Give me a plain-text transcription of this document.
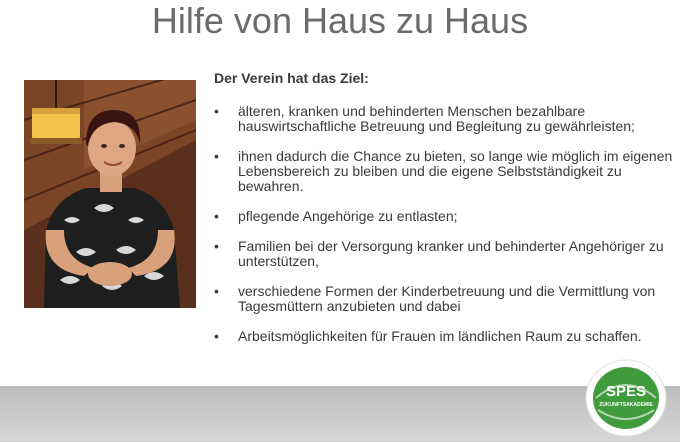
Hilfe von Haus zu Haus

Der Verein hat das Ziel:

• älteren, kranken und behinderten Menschen bezahlbare hauswirtschaftliche Betreuung und Begleitung zu gewährleisten;
• ihnen dadurch die Chance zu bieten, so lange wie möglich im eigenen Lebensbereich zu bleiben und die eigene Selbstständigkeit zu bewahren.
• pflegende Angehörige zu entlasten;
• Familien bei der Versorgung kranker und behinderter Angehöriger zu unterstützen,
• verschiedene Formen der Kinderbetreuung und die Vermittlung von Tagesmüttern anzubieten und dabei
• Arbeitsmöglichkeiten für Frauen im ländlichen Raum zu schaffen.
SPES
ZUKUNFTSAKADEMIE
